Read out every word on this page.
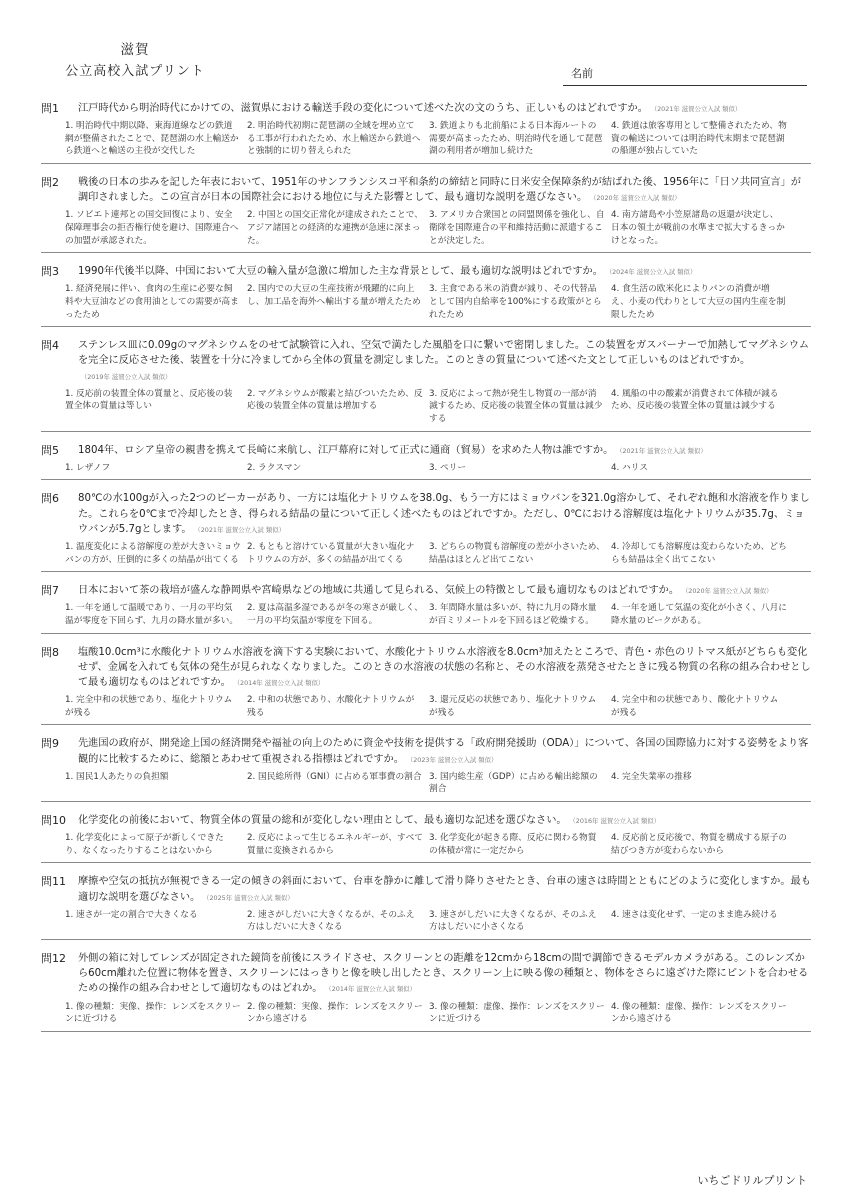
滋賀
公立高校入試プリント	名前
問1	江戸時代から明治時代にかけての、滋賀県における輸送手段の変化について述べた次の文のうち、正しいものはどれですか。 （2021年 滋賀公立入試 類似）
1. 明治時代中期以降、東海道線などの鉄道網が整備されたことで、琵琶湖の水上輸送から鉄道へと輸送の主役が交代した
2. 明治時代初期に琵琶湖の全域を埋め立てる工事が行われたため、水上輸送から鉄道へと強制的に切り替えられた
3. 鉄道よりも北前船による日本海ルートの需要が高まったため、明治時代を通して琵琶湖の利用者が増加し続けた
4. 鉄道は旅客専用として整備されたため、物資の輸送については明治時代末期まで琵琶湖の船運が独占していた
問2	戦後の日本の歩みを記した年表において、1951年のサンフランシスコ平和条約の締結と同時に日米安全保障条約が結ばれた後、1956年に「日ソ共同宣言」が調印されました。この宣言が日本の国際社会における地位に与えた影響として、最も適切な説明を選びなさい。 （2020年 滋賀公立入試 類似）
1. ソビエト連邦との国交回復により、安全保障理事会の拒否権行使を避け、国際連合への加盟が承認された。
2. 中国との国交正常化が達成されたことで、アジア諸国との経済的な連携が急速に深まった。
3. アメリカ合衆国との同盟関係を強化し、自衛隊を国際連合の平和維持活動に派遣することが決定した。
4. 南方諸島や小笠原諸島の返還が決定し、日本の領土が戦前の水準まで拡大するきっかけとなった。
問3	1990年代後半以降、中国において大豆の輸入量が急激に増加した主な背景として、最も適切な説明はどれですか。 （2024年 滋賀公立入試 類似）
1. 経済発展に伴い、食肉の生産に必要な飼料や大豆油などの食用油としての需要が高まったため
2. 国内での大豆の生産技術が飛躍的に向上し、加工品を海外へ輸出する量が増えたため
3. 主食である米の消費が減り、その代替品として国内自給率を100%にする政策がとられたため
4. 食生活の欧米化によりパンの消費が増え、小麦の代わりとして大豆の国内生産を制限したため
問4	ステンレス皿に0.09gのマグネシウムをのせて試験管に入れ、空気で満たした風船を口に繋いで密閉しました。この装置をガスバーナーで加熱してマグネシウムを完全に反応させた後、装置を十分に冷ましてから全体の質量を測定しました。このときの質量について述べた文として正しいものはどれですか。（2019年 滋賀公立入試 類似）
1. 反応前の装置全体の質量と、反応後の装置全体の質量は等しい
2. マグネシウムが酸素と結びついたため、反応後の装置全体の質量は増加する
3. 反応によって熱が発生し物質の一部が消滅するため、反応後の装置全体の質量は減少する
4. 風船の中の酸素が消費されて体積が減るため、反応後の装置全体の質量は減少する
問5	1804年、ロシア皇帝の親書を携えて長崎に来航し、江戸幕府に対して正式に通商（貿易）を求めた人物は誰ですか。 （2021年 滋賀公立入試 類似）
1. レザノフ	2. ラクスマン	3. ペリー	4. ハリス
問6	80℃の水100gが入った2つのビーカーがあり、一方には塩化ナトリウムを38.0g、もう一方にはミョウバンを321.0g溶かして、それぞれ飽和水溶液を作りました。これらを0℃まで冷却したとき、得られる結晶の量について正しく述べたものはどれですか。ただし、0℃における溶解度は塩化ナトリウムが35.7g、ミョウバンが5.7gとします。 （2021年 滋賀公立入試 類似）
1. 温度変化による溶解度の差が大きいミョウバンの方が、圧倒的に多くの結晶が出てくる
2. もともと溶けている質量が大きい塩化ナトリウムの方が、多くの結晶が出てくる
3. どちらの物質も溶解度の差が小さいため、結晶はほとんど出てこない
4. 冷却しても溶解度は変わらないため、どちらも結晶は全く出てこない
問7	日本において茶の栽培が盛んな静岡県や宮崎県などの地域に共通して見られる、気候上の特徴として最も適切なものはどれですか。 （2020年 滋賀公立入試 類似）
1. 一年を通して温暖であり、一月の平均気温が零度を下回らず、九月の降水量が多い。
2. 夏は高温多湿であるが冬の寒さが厳しく、一月の平均気温が零度を下回る。
3. 年間降水量は多いが、特に九月の降水量が百ミリメートルを下回るほど乾燥する。
4. 一年を通して気温の変化が小さく、八月に降水量のピークがある。
問8	塩酸10.0cm³に水酸化ナトリウム水溶液を滴下する実験において、水酸化ナトリウム水溶液を8.0cm³加えたところで、青色・赤色のリトマス紙がどちらも変化せず、金属を入れても気体の発生が見られなくなりました。このときの水溶液の状態の名称と、その水溶液を蒸発させたときに残る物質の名称の組み合わせとして最も適切なものはどれですか。 （2014年 滋賀公立入試 類似）
1. 完全中和の状態であり、塩化ナトリウムが残る
2. 中和の状態であり、水酸化ナトリウムが残る
3. 還元反応の状態であり、塩化ナトリウムが残る
4. 完全中和の状態であり、酸化ナトリウムが残る
問9	先進国の政府が、開発途上国の経済開発や福祉の向上のために資金や技術を提供する「政府開発援助（ODA）」について、各国の国際協力に対する姿勢をより客観的に比較するために、総額とあわせて重視される指標はどれですか。 （2023年 滋賀公立入試 類似）
1. 国民1人あたりの負担額	2. 国民総所得（GNI）に占める軍事費の割合 3. 国内総生産（GDP）に占める輸出総額の割合
4. 完全失業率の推移
問10	化学変化の前後において、物質全体の質量の総和が変化しない理由として、最も適切な記述を選びなさい。 （2016年 滋賀公立入試 類似）
1. 化学変化によって原子が新しくできたり、なくなったりすることはないから
2. 反応によって生じるエネルギーが、すべて質量に変換されるから
3. 化学変化が起きる際、反応に関わる物質の体積が常に一定だから
4. 反応前と反応後で、物質を構成する原子の結びつき方が変わらないから
問11	摩擦や空気の抵抗が無視できる一定の傾きの斜面において、台車を静かに離して滑り降りさせたとき、台車の速さは時間とともにどのように変化しますか。最も適切な説明を選びなさい。 （2025年 滋賀公立入試 類似）
1. 速さが一定の割合で大きくなる	2. 速さがしだいに大きくなるが、そのふえ方はしだいに大きくなる
3. 速さがしだいに大きくなるが、そのふえ方はしだいに小さくなる
4. 速さは変化せず、一定のまま進み続ける
問12	外側の箱に対してレンズが固定された鏡筒を前後にスライドさせ、スクリーンとの距離を12cmから18cmの間で調節できるモデルカメラがある。このレンズから60cm離れた位置に物体を置き、スクリーンにはっきりと像を映し出したとき、スクリーン上に映る像の種類と、物体をさらに遠ざけた際にピントを合わせるための操作の組み合わせとして適切なものはどれか。 （2014年 滋賀公立入試 類似）
1. 像の種類：実像、操作：レンズをスクリーンに近づける
2. 像の種類：実像、操作：レンズをスクリーンから遠ざける
3. 像の種類：虚像、操作：レンズをスクリーンに近づける
4. 像の種類：虚像、操作：レンズをスクリーンから遠ざける
いちごドリルプリント
